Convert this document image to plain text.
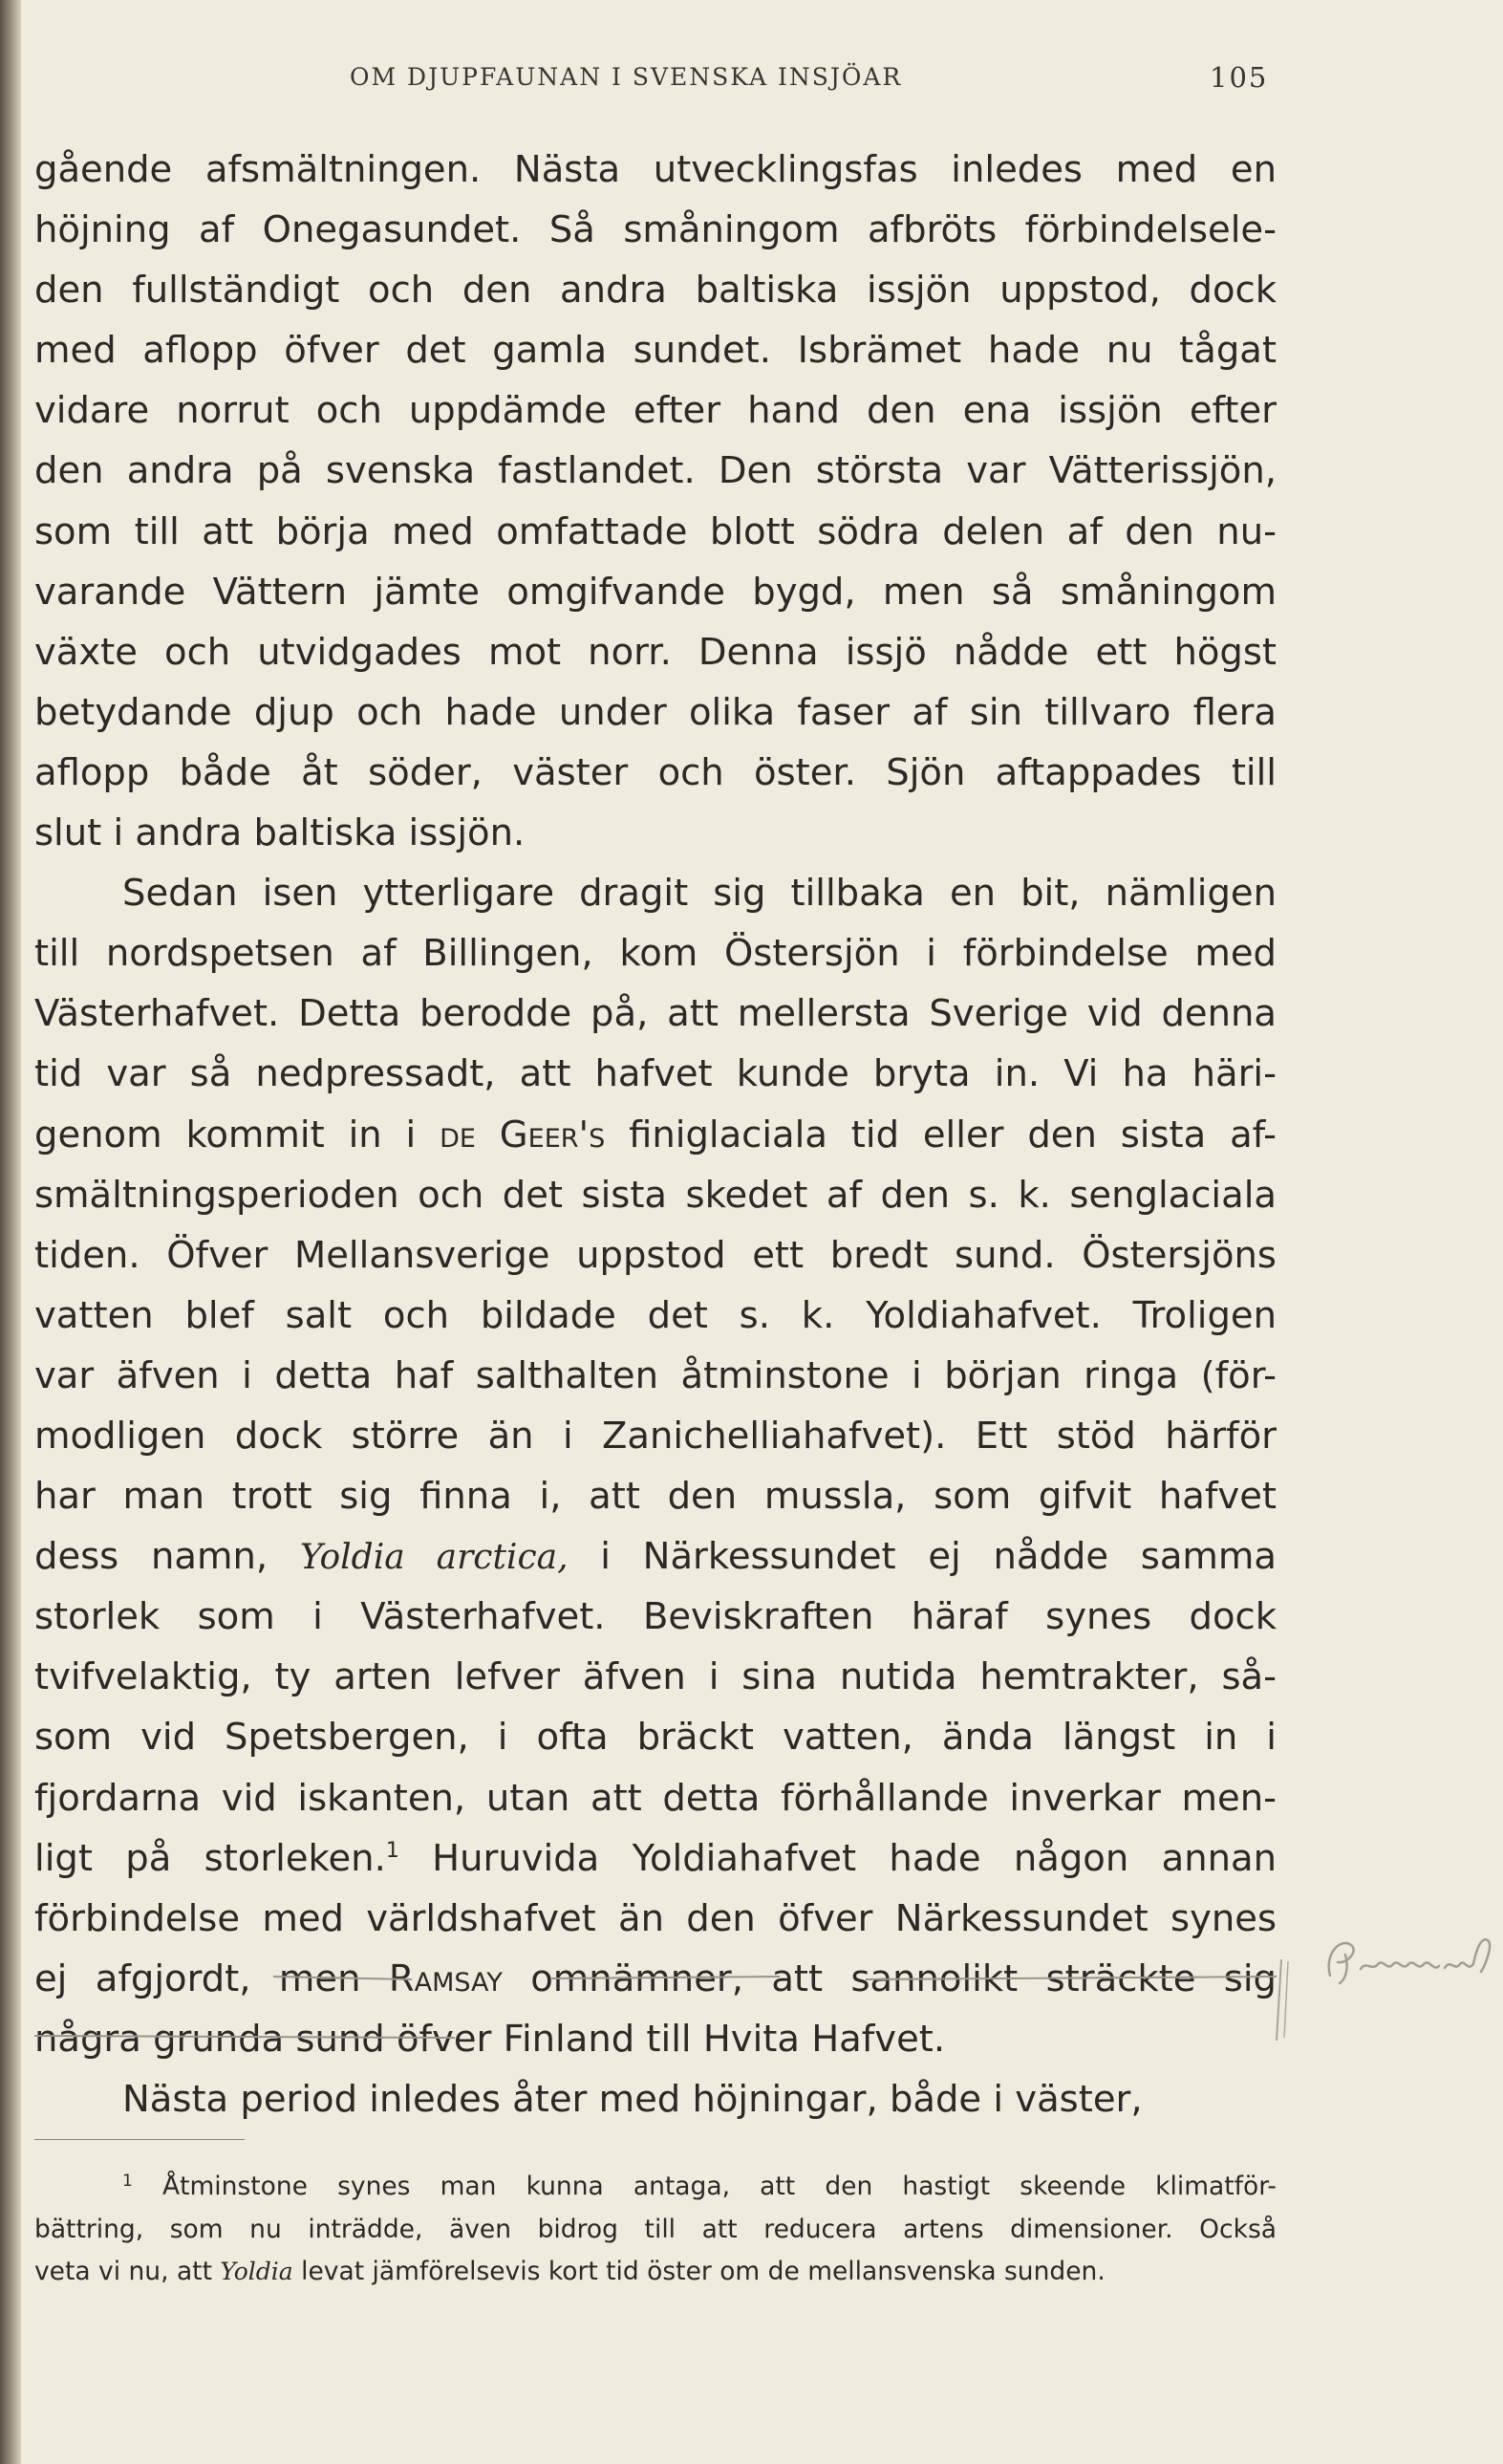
OM DJUPFAUNAN I SVENSKA INSJÖAR	105
gående afsmältningen. Nästa utvecklingsfas inledes med en
höjning af Onegasundet. Så småningom afbröts förbindelsele-
den fullständigt och den andra baltiska issjön uppstod, dock
med aflopp öfver det gamla sundet. Isbrämet hade nu tågat
vidare norrut och uppdämde efter hand den ena issjön efter
den andra på svenska fastlandet. Den största var Vätterissjön,
som till att börja med omfattade blott södra delen af den nu-
varande Vättern jämte omgifvande bygd, men så småningom
växte och utvidgades mot norr. Denna issjö nådde ett högst
betydande djup och hade under olika faser af sin tillvaro flera
aflopp både åt söder, väster och öster. Sjön aftappades till
slut i andra baltiska issjön.
Sedan isen ytterligare dragit sig tillbaka en bit, nämligen
till nordspetsen af Billingen, kom Östersjön i förbindelse med
Västerhafvet. Detta berodde på, att mellersta Sverige vid denna
tid var så nedpressadt, att hafvet kunde bryta in. Vi ha häri-
genom kommit in i de Geer's finiglaciala tid eller den sista af-
smältningsperioden och det sista skedet af den s. k. senglaciala
tiden. Öfver Mellansverige uppstod ett bredt sund. Östersjöns
vatten blef salt och bildade det s. k. Yoldiahafvet. Troligen
var äfven i detta haf salthalten åtminstone i början ringa (för-
modligen dock större än i Zanichelliahafvet). Ett stöd härför
har man trott sig finna i, att den mussla, som gifvit hafvet
dess namn, Yoldia arctica, i Närkessundet ej nådde samma
storlek som i Västerhafvet. Beviskraften häraf synes dock
tvifvelaktig, ty arten lefver äfven i sina nutida hemtrakter, så-
som vid Spetsbergen, i ofta bräckt vatten, ända längst in i
fjordarna vid iskanten, utan att detta förhållande inverkar men-
ligt på storleken.$^1$ Huruvida Yoldiahafvet hade någon annan
förbindelse med världshafvet än den öfver Närkessundet synes
ej afgjordt, men Ramsay omnämner, att sannolikt sträckte sig
några grunda sund öfver Finland till Hvita Hafvet.
Nästa period inledes åter med höjningar, både i väster,
$^1$ Åtminstone synes man kunna antaga, att den hastigt skeende klimatför-
bättring, som nu inträdde, även bidrog till att reducera artens dimensioner. Också
veta vi nu, att Yoldia levat jämförelsevis kort tid öster om de mellansvenska sunden.
